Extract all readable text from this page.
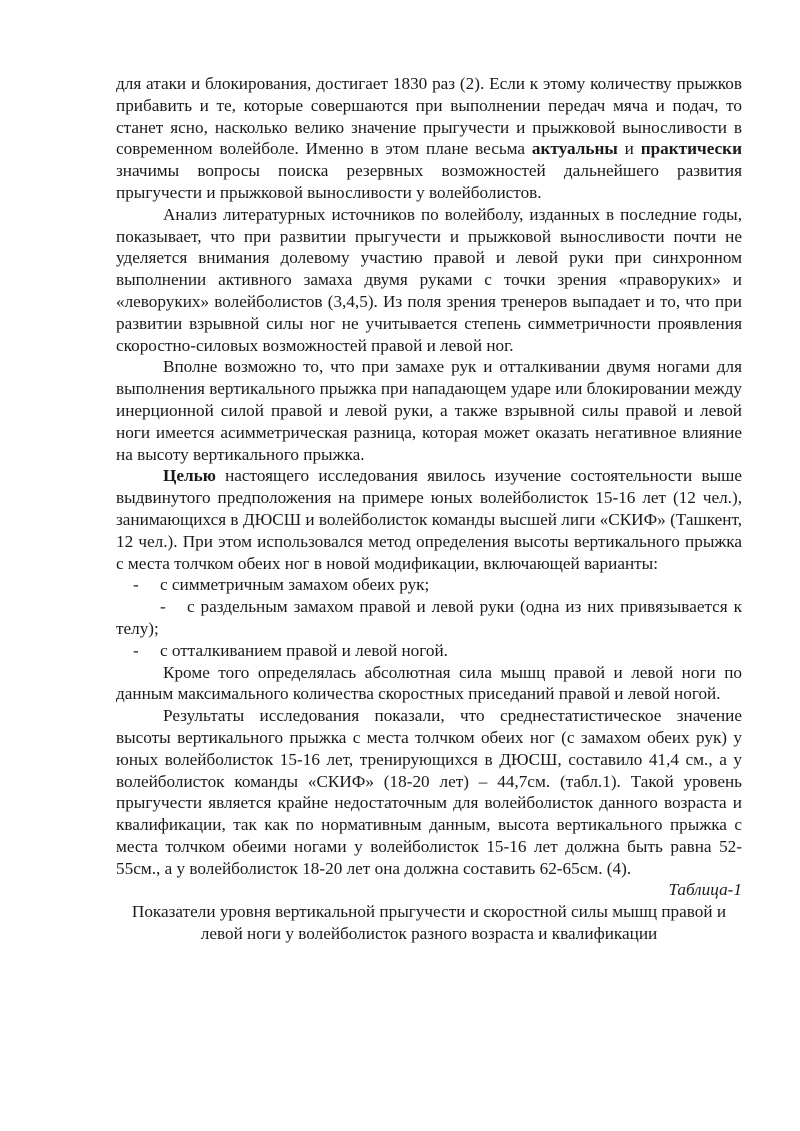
для атаки и блокирования, достигает 1830 раз (2). Если к этому количеству прыжков прибавить и те, которые совершаются при выполнении передач мяча и подач, то станет ясно, насколько велико значение прыгучести и прыжковой выносливости в современном волейболе. Именно в этом плане весьма актуальны и практически значимы вопросы поиска резервных возможностей дальнейшего развития прыгучести и прыжковой выносливости у волейболистов.

Анализ литературных источников по волейболу, изданных в последние годы, показывает, что при развитии прыгучести и прыжковой выносливости почти не уделяется внимания долевому участию правой и левой руки при синхронном выполнении активного замаха двумя руками с точки зрения «праворуких» и «леворуких» волейболистов (3,4,5). Из поля зрения тренеров выпадает и то, что при развитии взрывной силы ног не учитывается степень симметричности проявления скоростно-силовых возможностей правой и левой ног.

Вполне возможно то, что при замахе рук и отталкивании двумя ногами для выполнения вертикального прыжка при нападающем ударе или блокировании между инерционной силой правой и левой руки, а также взрывной силы правой и левой ноги имеется асимметрическая разница, которая может оказать негативное влияние на высоту вертикального прыжка.

Целью настоящего исследования явилось изучение состоятельности выше выдвинутого предположения на примере юных волейболисток 15-16 лет (12 чел.), занимающихся в ДЮСШ и волейболисток команды высшей лиги «СКИФ» (Ташкент, 12 чел.). При этом использовался метод определения высоты вертикального прыжка с места толчком обеих ног в новой модификации, включающей варианты:

- с симметричным замахом обеих рук;

- с раздельным замахом правой и левой руки (одна из них привязывается к телу);

- с отталкиванием правой и левой ногой.

Кроме того определялась абсолютная сила мышц правой и левой ноги по данным максимального количества скоростных приседаний правой и левой ногой.

Результаты исследования показали, что среднестатистическое значение высоты вертикального прыжка с места толчком обеих ног (с замахом обеих рук) у юных волейболисток 15-16 лет, тренирующихся в ДЮСШ, составило 41,4 см., а у волейболисток команды «СКИФ» (18-20 лет) – 44,7см. (табл.1). Такой уровень прыгучести является крайне недостаточным для волейболисток данного возраста и квалификации, так как по нормативным данным, высота вертикального прыжка с места толчком обеими ногами у волейболисток 15-16 лет должна быть равна 52-55см., а у волейболисток 18-20 лет она должна составить 62-65см. (4).

Таблица-1

Показатели уровня вертикальной прыгучести и скоростной силы мышц правой и левой ноги у волейболисток разного возраста и квалификации
